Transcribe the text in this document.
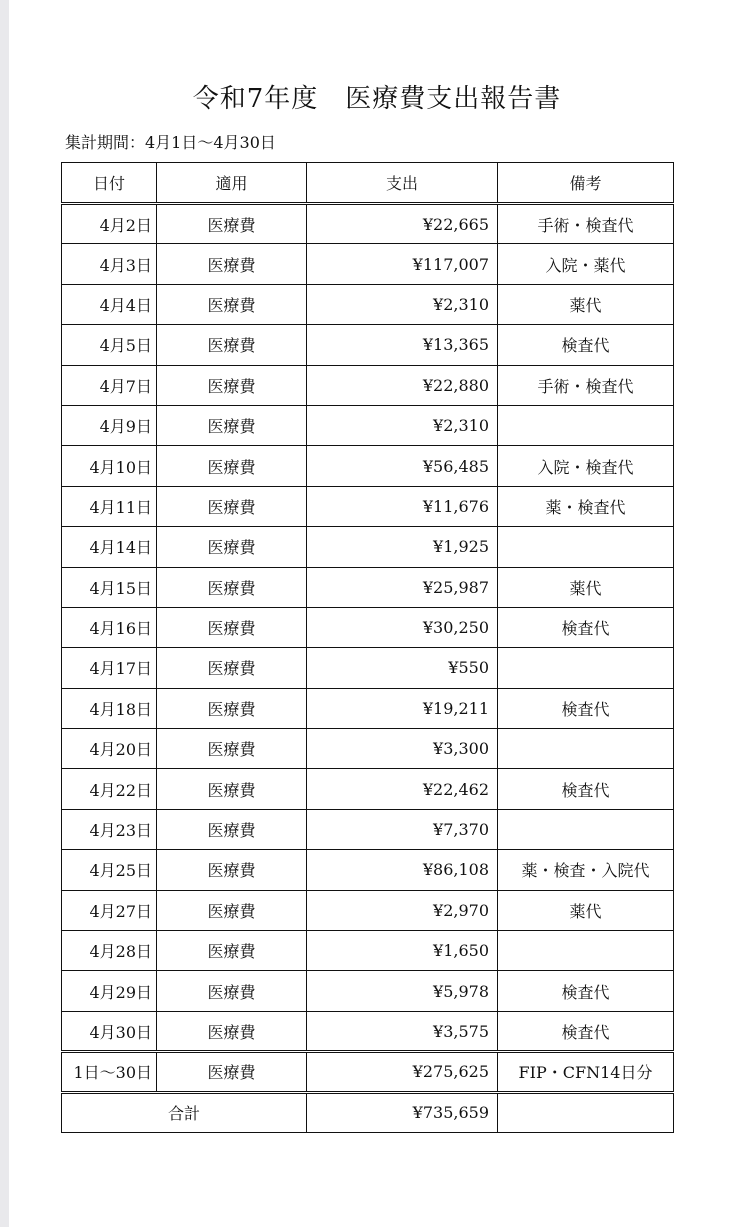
令和7年度　医療費支出報告書
集計期間：4月1日〜4月30日
日付	適用	支出	備考
4月2日	医療費	¥22,665	手術・検査代
4月3日	医療費	¥117,007	入院・薬代
4月4日	医療費	¥2,310	薬代
4月5日	医療費	¥13,365	検査代
4月7日	医療費	¥22,880	手術・検査代
4月9日	医療費	¥2,310	
4月10日	医療費	¥56,485	入院・検査代
4月11日	医療費	¥11,676	薬・検査代
4月14日	医療費	¥1,925	
4月15日	医療費	¥25,987	薬代
4月16日	医療費	¥30,250	検査代
4月17日	医療費	¥550	
4月18日	医療費	¥19,211	検査代
4月20日	医療費	¥3,300	
4月22日	医療費	¥22,462	検査代
4月23日	医療費	¥7,370	
4月25日	医療費	¥86,108	薬・検査・入院代
4月27日	医療費	¥2,970	薬代
4月28日	医療費	¥1,650	
4月29日	医療費	¥5,978	検査代
4月30日	医療費	¥3,575	検査代
1日〜30日	医療費	¥275,625	FIP・CFN14日分
合計		¥735,659	
